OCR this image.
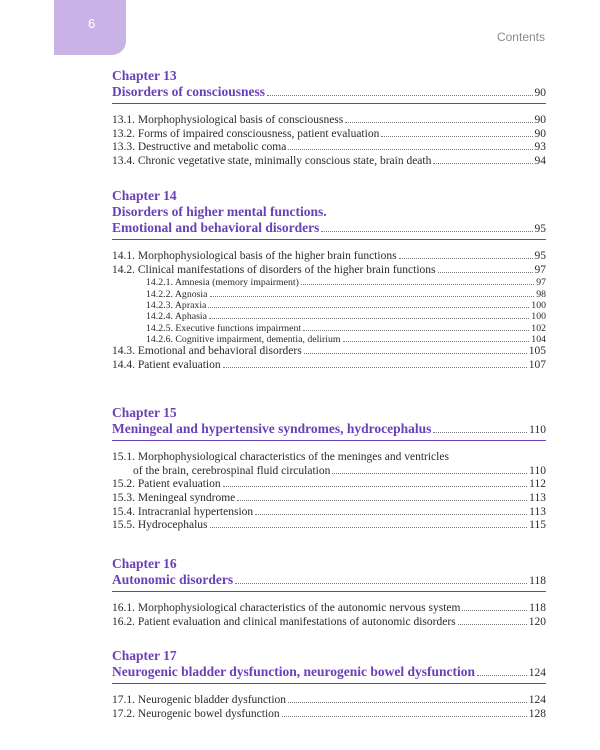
6
Contents
Chapter 13
Disorders of consciousness	90
13.1. Morphophysiological basis of consciousness	90
13.2. Forms of impaired consciousness, patient evaluation	90
13.3. Destructive and metabolic coma	93
13.4. Chronic vegetative state, minimally conscious state, brain death	94
Chapter 14
Disorders of higher mental functions.
Emotional and behavioral disorders	95
14.1. Morphophysiological basis of the higher brain functions	95
14.2. Clinical manifestations of disorders of the higher brain functions	97
14.2.1. Amnesia (memory impairment)	97
14.2.2. Agnosia	98
14.2.3. Apraxia	100
14.2.4. Aphasia	100
14.2.5. Executive functions impairment	102
14.2.6. Cognitive impairment, dementia, delirium	104
14.3. Emotional and behavioral disorders	105
14.4. Patient evaluation	107
Chapter 15
Meningeal and hypertensive syndromes, hydrocephalus	110
15.1. Morphophysiological characteristics of the meninges and ventricles
of the brain, cerebrospinal fluid circulation	110
15.2. Patient evaluation	112
15.3. Meningeal syndrome	113
15.4. Intracranial hypertension	113
15.5. Hydrocephalus	115
Chapter 16
Autonomic disorders	118
16.1. Morphophysiological characteristics of the autonomic nervous system	118
16.2. Patient evaluation and clinical manifestations of autonomic disorders	120
Chapter 17
Neurogenic bladder dysfunction, neurogenic bowel dysfunction	124
17.1. Neurogenic bladder dysfunction	124
17.2. Neurogenic bowel dysfunction	128
